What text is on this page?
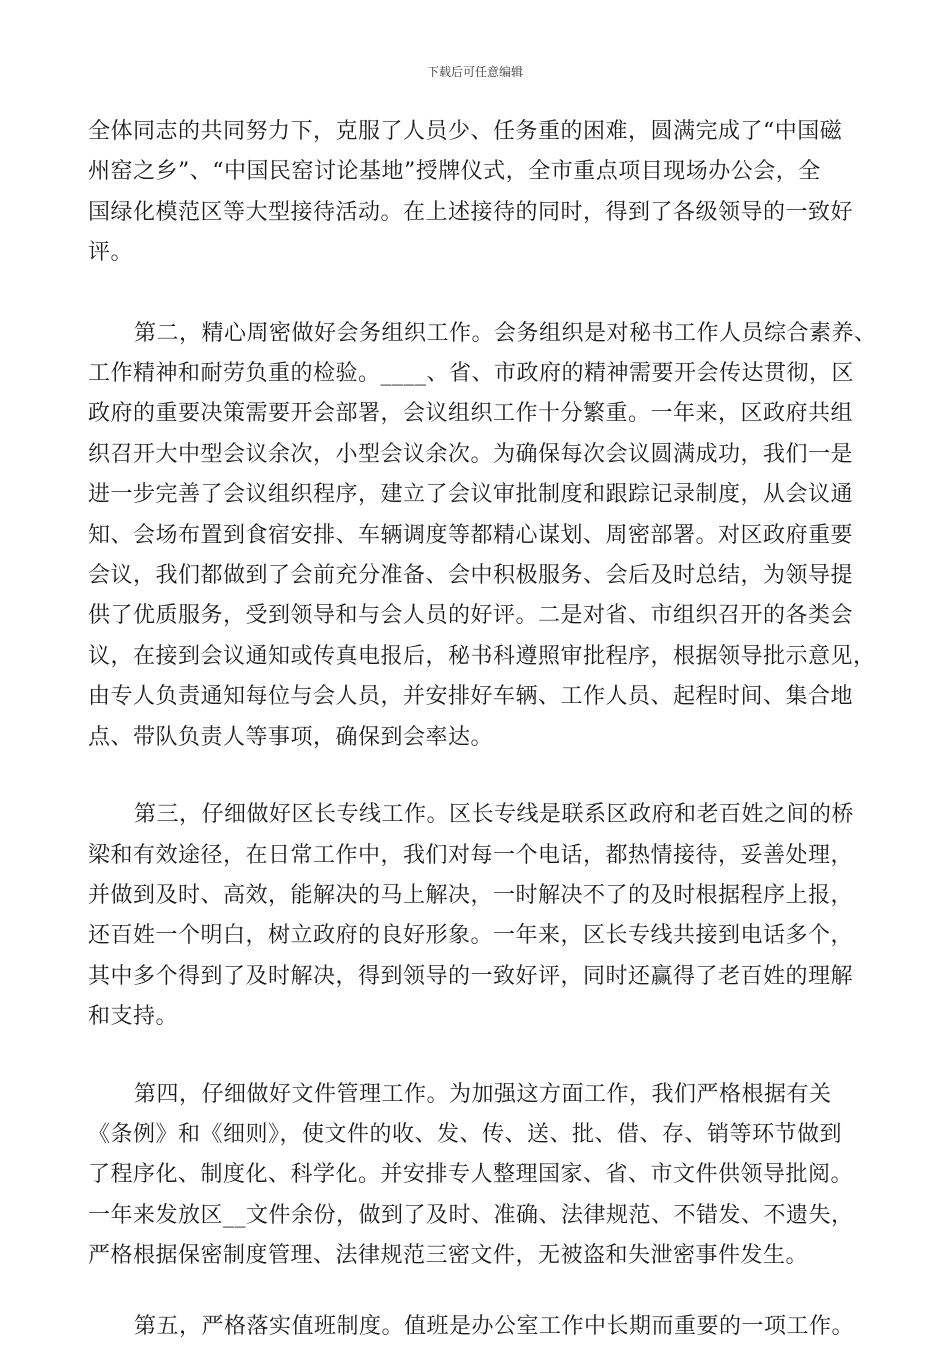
下载后可任意编辑

全体同志的共同努力下，克服了人员少、任务重的困难，圆满完成了“中国磁
州窑之乡”、“中国民窑讨论基地”授牌仪式，全市重点项目现场办公会，全
国绿化模范区等大型接待活动。在上述接待的同时，得到了各级领导的一致好
评。

第二，精心周密做好会务组织工作。会务组织是对秘书工作人员综合素养、
工作精神和耐劳负重的检验。____、省、市政府的精神需要开会传达贯彻，区
政府的重要决策需要开会部署，会议组织工作十分繁重。一年来，区政府共组
织召开大中型会议余次，小型会议余次。为确保每次会议圆满成功，我们一是
进一步完善了会议组织程序，建立了会议审批制度和跟踪记录制度，从会议通
知、会场布置到食宿安排、车辆调度等都精心谋划、周密部署。对区政府重要
会议，我们都做到了会前充分准备、会中积极服务、会后及时总结，为领导提
供了优质服务，受到领导和与会人员的好评。二是对省、市组织召开的各类会
议，在接到会议通知或传真电报后，秘书科遵照审批程序，根据领导批示意见，
由专人负责通知每位与会人员，并安排好车辆、工作人员、起程时间、集合地
点、带队负责人等事项，确保到会率达。

第三，仔细做好区长专线工作。区长专线是联系区政府和老百姓之间的桥
梁和有效途径，在日常工作中，我们对每一个电话，都热情接待，妥善处理，
并做到及时、高效，能解决的马上解决，一时解决不了的及时根据程序上报，
还百姓一个明白，树立政府的良好形象。一年来，区长专线共接到电话多个，
其中多个得到了及时解决，得到领导的一致好评，同时还赢得了老百姓的理解
和支持。

第四，仔细做好文件管理工作。为加强这方面工作，我们严格根据有关
《条例》和《细则》，使文件的收、发、传、送、批、借、存、销等环节做到
了程序化、制度化、科学化。并安排专人整理国家、省、市文件供领导批阅。
一年来发放区__文件余份，做到了及时、准确、法律规范、不错发、不遗失，
严格根据保密制度管理、法律规范三密文件，无被盗和失泄密事件发生。

第五，严格落实值班制度。值班是办公室工作中长期而重要的一项工作。
